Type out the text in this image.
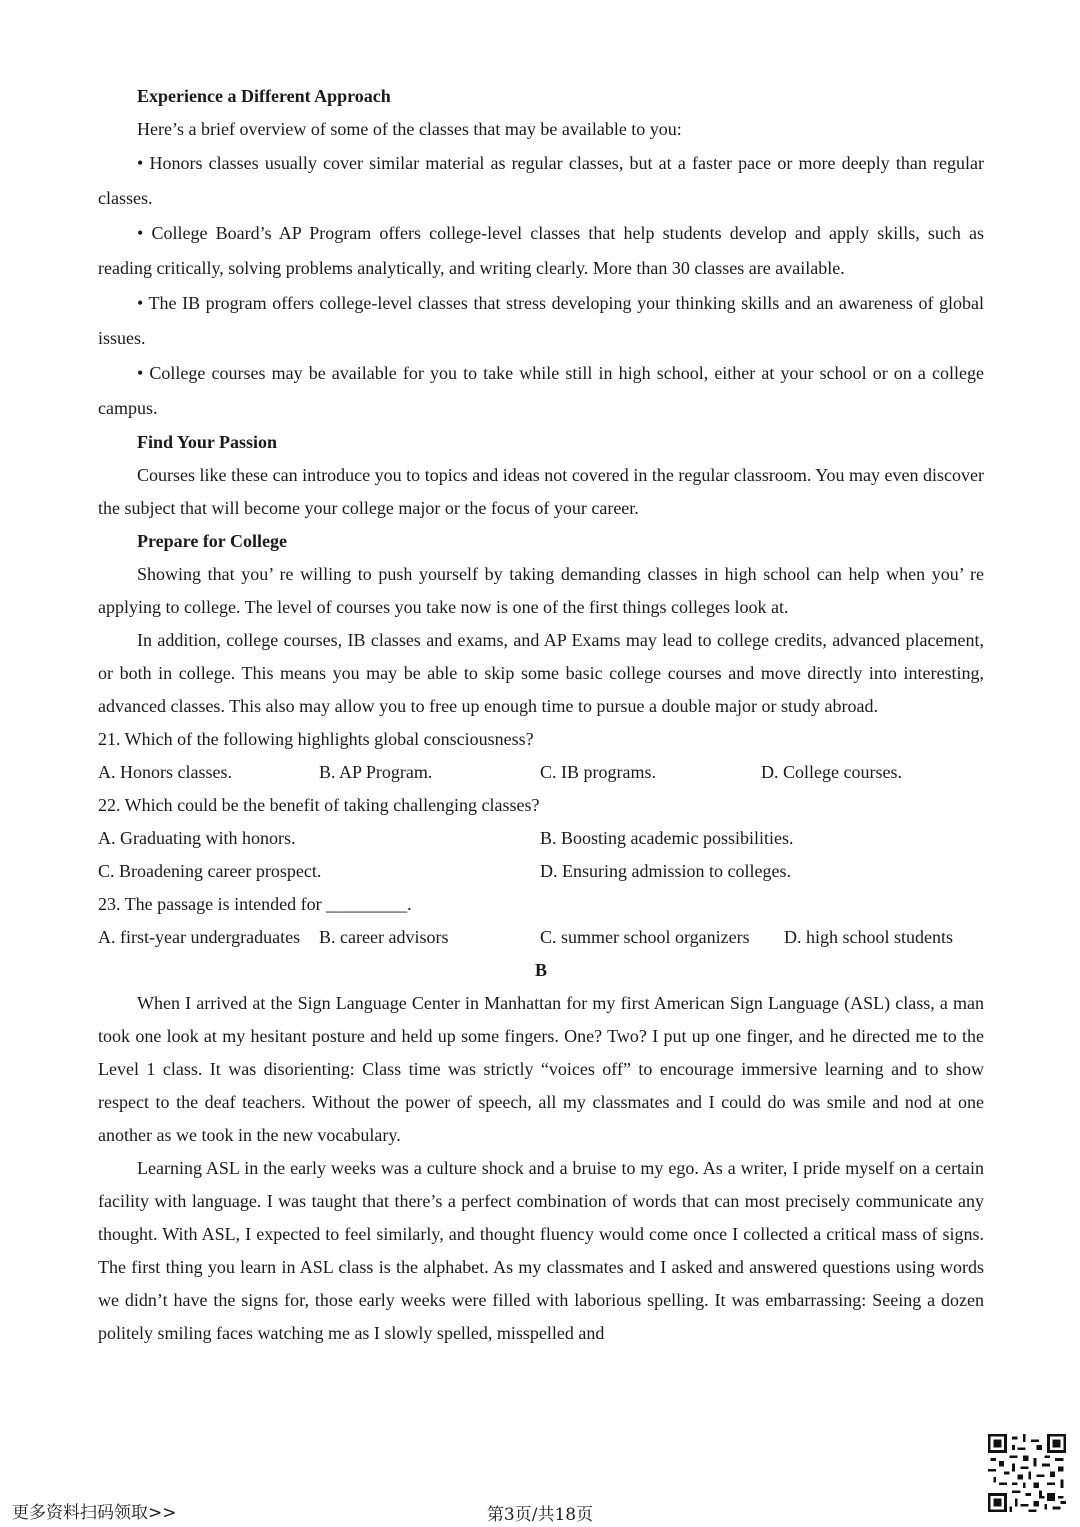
Experience a Different Approach

Here’s a brief overview of some of the classes that may be available to you:

• Honors classes usually cover similar material as regular classes, but at a faster pace or more deeply than regular classes.

• College Board’s AP Program offers college-level classes that help students develop and apply skills, such as reading critically, solving problems analytically, and writing clearly. More than 30 classes are available.

• The IB program offers college-level classes that stress developing your thinking skills and an awareness of global issues.

• College courses may be available for you to take while still in high school, either at your school or on a college campus.

Find Your Passion

Courses like these can introduce you to topics and ideas not covered in the regular classroom. You may even discover the subject that will become your college major or the focus of your career.

Prepare for College

Showing that you’ re willing to push yourself by taking demanding classes in high school can help when you’ re applying to college. The level of courses you take now is one of the first things colleges look at.

In addition, college courses, IB classes and exams, and AP Exams may lead to college credits, advanced placement, or both in college. This means you may be able to skip some basic college courses and move directly into interesting, advanced classes. This also may allow you to free up enough time to pursue a double major or study abroad.

21. Which of the following highlights global consciousness?

A. Honors classes.	B. AP Program.	C. IB programs.	D. College courses.

22. Which could be the benefit of taking challenging classes?

A. Graduating with honors.	B. Boosting academic possibilities.
C. Broadening career prospect.	D. Ensuring admission to colleges.

23. The passage is intended for _________.

A. first-year undergraduates	B. career advisors	C. summer school organizers	D. high school students

B

When I arrived at the Sign Language Center in Manhattan for my first American Sign Language (ASL) class, a man took one look at my hesitant posture and held up some fingers. One? Two? I put up one finger, and he directed me to the Level 1 class. It was disorienting: Class time was strictly “voices off” to encourage immersive learning and to show respect to the deaf teachers. Without the power of speech, all my classmates and I could do was smile and nod at one another as we took in the new vocabulary.

Learning ASL in the early weeks was a culture shock and a bruise to my ego. As a writer, I pride myself on a certain facility with language. I was taught that there’s a perfect combination of words that can most precisely communicate any thought. With ASL, I expected to feel similarly, and thought fluency would come once I collected a critical mass of signs. The first thing you learn in ASL class is the alphabet. As my classmates and I asked and answered questions using words we didn’t have the signs for, those early weeks were filled with laborious spelling. It was embarrassing: Seeing a dozen politely smiling faces watching me as I slowly spelled, misspelled and

更多资料扫码领取>>	第3页/共18页
